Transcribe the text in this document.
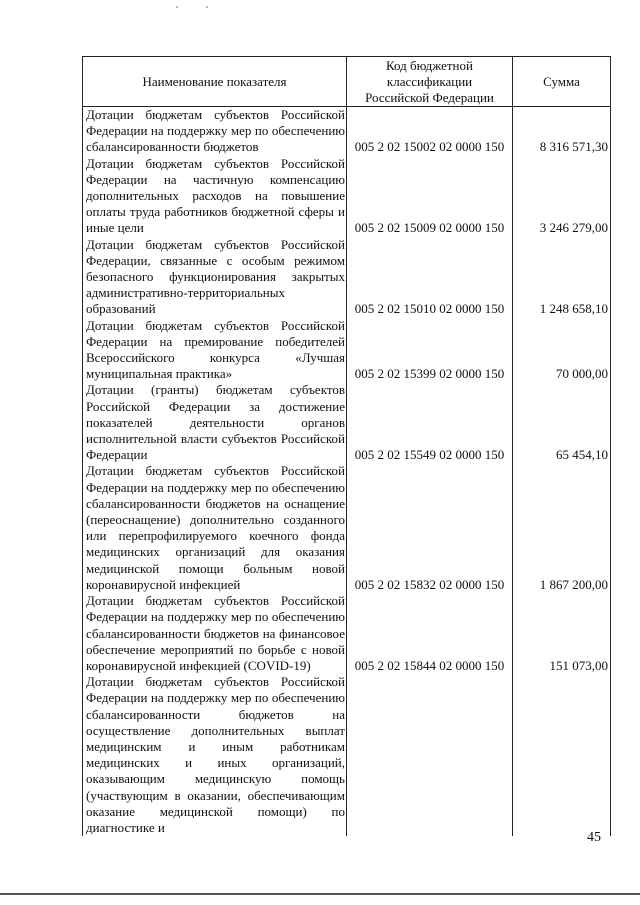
Наименование показателя	Код бюджетной классификации Российской Федерации	Сумма
Дотации бюджетам субъектов Российской Федерации на поддержку мер по обеспечению сбалансированности бюджетов	005 2 02 15002 02 0000 150	8 316 571,30
Дотации бюджетам субъектов Российской Федерации на частичную компенсацию дополнительных расходов на повышение оплаты труда работников бюджетной сферы и иные цели	005 2 02 15009 02 0000 150	3 246 279,00
Дотации бюджетам субъектов Российской Федерации, связанные с особым режимом безопасного функционирования закрытых административно-территориальных образований	005 2 02 15010 02 0000 150	1 248 658,10
Дотации бюджетам субъектов Российской Федерации на премирование победителей Всероссийского конкурса «Лучшая муниципальная практика»	005 2 02 15399 02 0000 150	70 000,00
Дотации (гранты) бюджетам субъектов Российской Федерации за достижение показателей деятельности органов исполнительной власти субъектов Российской Федерации	005 2 02 15549 02 0000 150	65 454,10
Дотации бюджетам субъектов Российской Федерации на поддержку мер по обеспечению сбалансированности бюджетов на оснащение (переоснащение) дополнительно созданного или перепрофилируемого коечного фонда медицинских организаций для оказания медицинской помощи больным новой коронавирусной инфекцией	005 2 02 15832 02 0000 150	1 867 200,00
Дотации бюджетам субъектов Российской Федерации на поддержку мер по обеспечению сбалансированности бюджетов на финансовое обеспечение мероприятий по борьбе с новой коронавирусной инфекцией (COVID-19)	005 2 02 15844 02 0000 150	151 073,00
Дотации бюджетам субъектов Российской Федерации на поддержку мер по обеспечению сбалансированности бюджетов на осуществление дополнительных выплат медицинским и иным работникам медицинских и иных организаций, оказывающим медицинскую помощь (участвующим в оказании, обеспечивающим оказание медицинской помощи) по диагностике и		
45
